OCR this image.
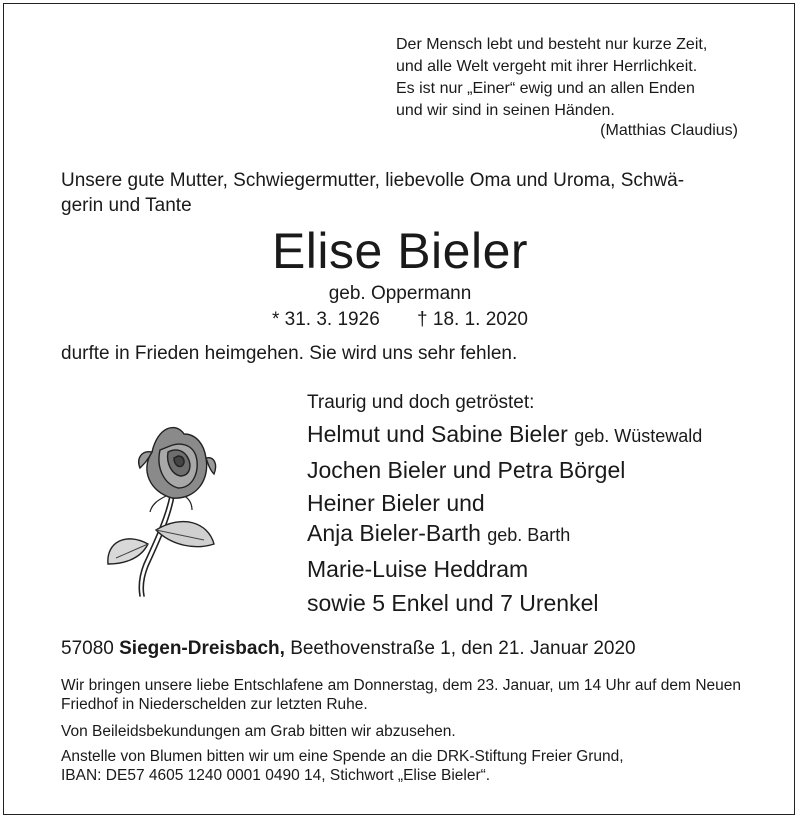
Der Mensch lebt und besteht nur kurze Zeit,
und alle Welt vergeht mit ihrer Herrlichkeit.
Es ist nur „Einer“ ewig und an allen Enden
und wir sind in seinen Händen.
(Matthias Claudius)
Unsere gute Mutter, Schwiegermutter, liebevolle Oma und Uroma, Schwä-
gerin und Tante
Elise Bieler
geb. Oppermann
* 31. 3. 1926 † 18. 1. 2020
durfte in Frieden heimgehen. Sie wird uns sehr fehlen.
Traurig und doch getröstet:
Helmut und Sabine Bieler geb. Wüstewald
Jochen Bieler und Petra Börgel
Heiner Bieler und
Anja Bieler-Barth geb. Barth
Marie-Luise Heddram
sowie 5 Enkel und 7 Urenkel
57080 Siegen-Dreisbach, Beethovenstraße 1, den 21. Januar 2020
Wir bringen unsere liebe Entschlafene am Donnerstag, dem 23. Januar, um 14 Uhr auf dem Neuen Friedhof in Niederschelden zur letzten Ruhe.
Von Beileidsbekundungen am Grab bitten wir abzusehen.
Anstelle von Blumen bitten wir um eine Spende an die DRK-Stiftung Freier Grund,
IBAN: DE57 4605 1240 0001 0490 14, Stichwort „Elise Bieler“.
